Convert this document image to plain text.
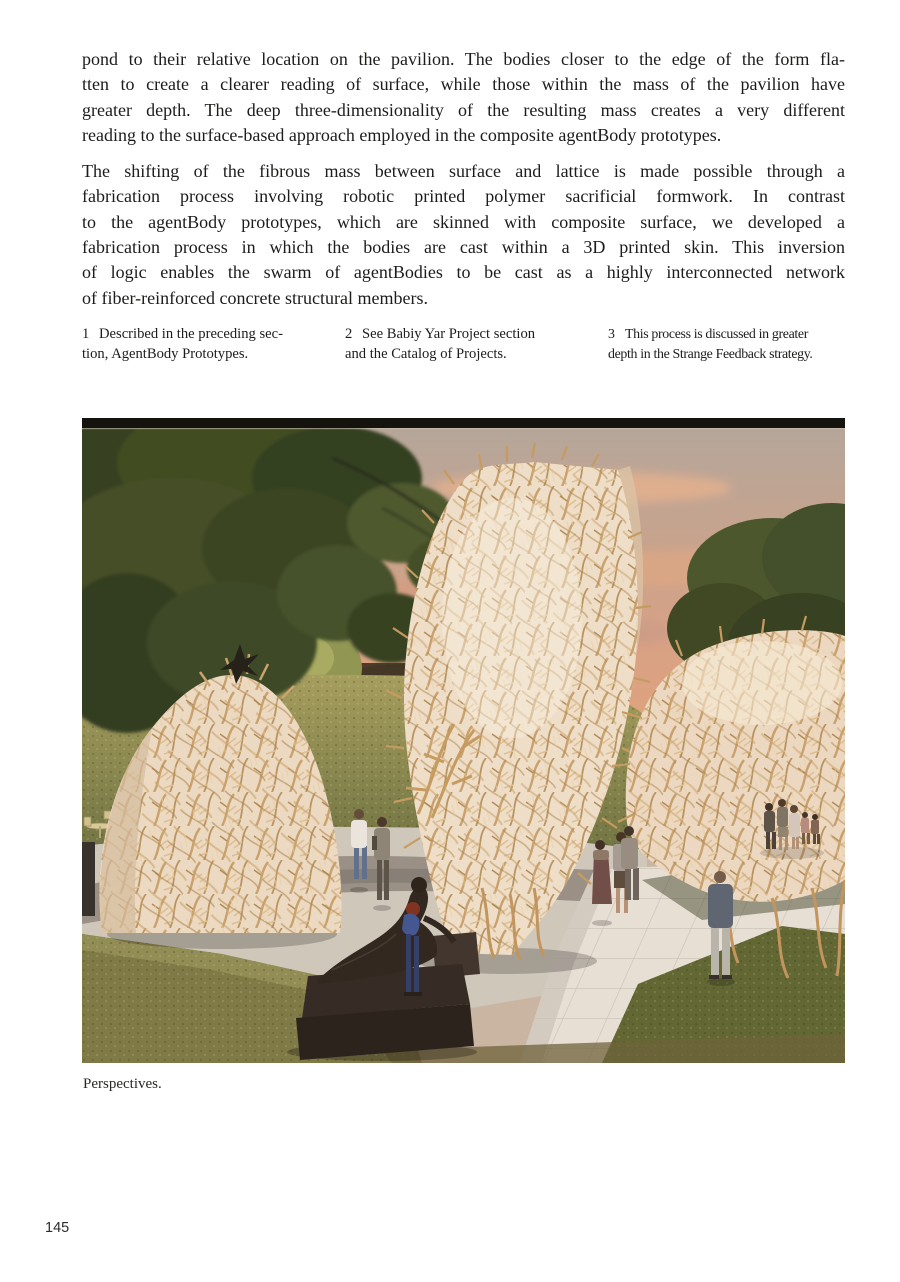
pond to their relative location on the pavilion. The bodies closer to the edge of the form fla-
tten to create a clearer reading of surface, while those within the mass of the pavilion have
greater depth. The deep three-dimensionality of the resulting mass creates a very different
reading to the surface-based approach employed in the composite agentBody prototypes.
The shifting of the fibrous mass between surface and lattice is made possible through a
fabrication process involving robotic printed polymer sacrificial formwork. In contrast
to the agentBody prototypes, which are skinned with composite surface, we developed a
fabrication process in which the bodies are cast within a 3D printed skin. This inversion
of logic enables the swarm of agentBodies to be cast as a highly interconnected network
of fiber-reinforced concrete structural members.
1 Described in the preceding sec-
tion, AgentBody Prototypes.
2 See Babiy Yar Project section
and the Catalog of Projects.
3 This process is discussed in greater
depth in the Strange Feedback strategy.
Perspectives.
145
